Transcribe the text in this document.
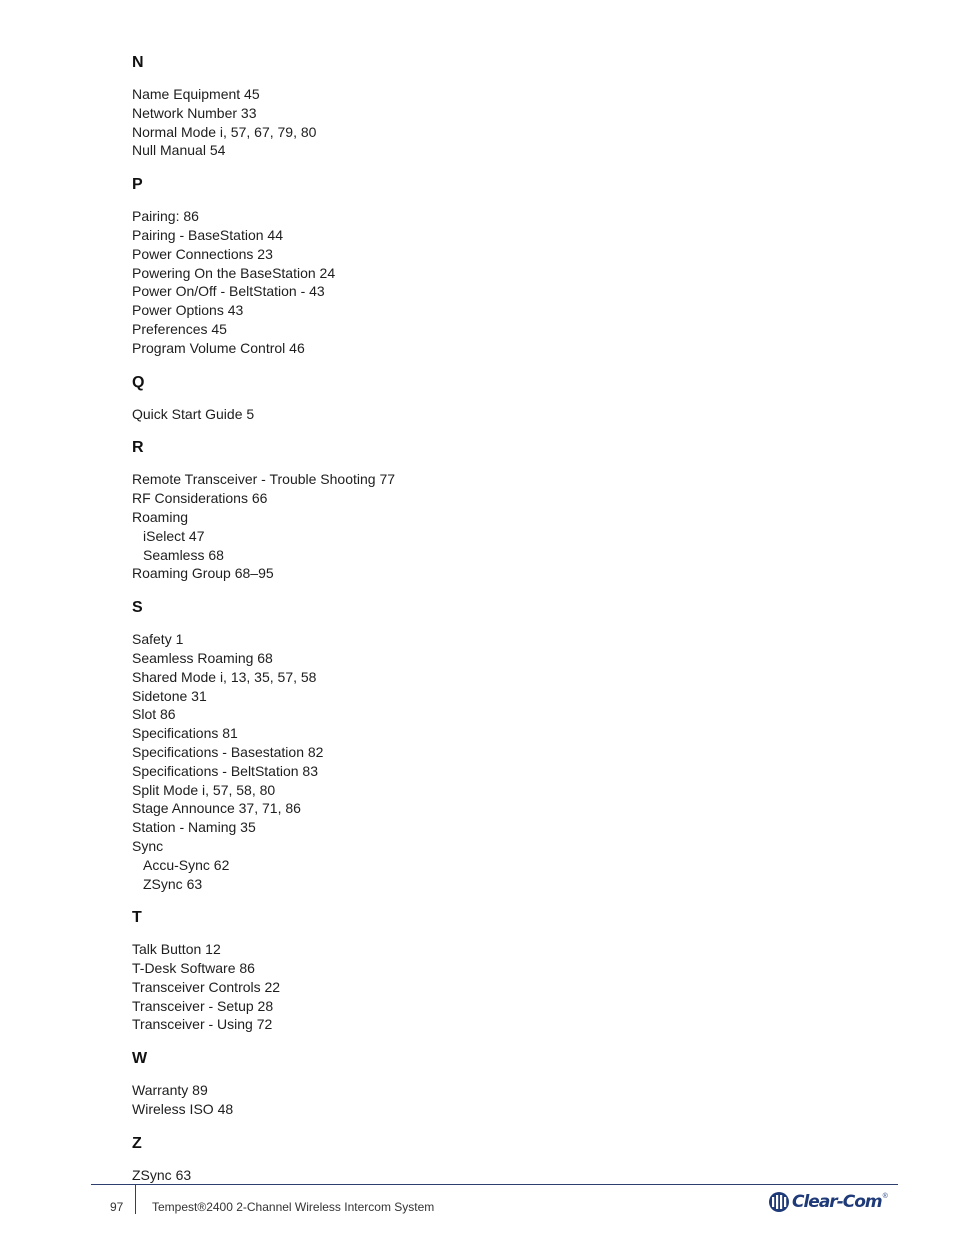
N
Name Equipment 45
Network Number 33
Normal Mode i, 57, 67, 79, 80
Null Manual 54
P
Pairing: 86
Pairing - BaseStation 44
Power Connections 23
Powering On the BaseStation 24
Power On/Off - BeltStation - 43
Power Options 43
Preferences 45
Program Volume Control 46
Q
Quick Start Guide 5
R
Remote Transceiver - Trouble Shooting 77
RF Considerations 66
Roaming
iSelect 47
Seamless 68
Roaming Group 68–95
S
Safety 1
Seamless Roaming 68
Shared Mode i, 13, 35, 57, 58
Sidetone 31
Slot 86
Specifications 81
Specifications - Basestation 82
Specifications - BeltStation 83
Split Mode i, 57, 58, 80
Stage Announce 37, 71, 86
Station - Naming 35
Sync
Accu-Sync 62
ZSync 63
T
Talk Button 12
T-Desk Software 86
Transceiver Controls 22
Transceiver - Setup 28
Transceiver - Using 72
W
Warranty 89
Wireless ISO 48
Z
ZSync 63
97 Tempest®2400 2-Channel Wireless Intercom System	Clear-Com ®
